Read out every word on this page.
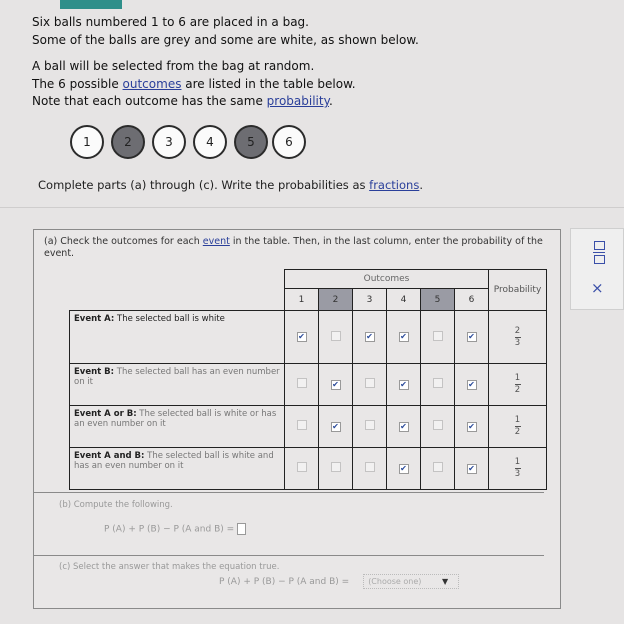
Six balls numbered 1 to 6 are placed in a bag.

Some of the balls are grey and some are white, as shown below.

A ball will be selected from the bag at random.

The 6 possible outcomes are listed in the table below.

Note that each outcome has the same probability.

1	2	3	4	5	6
Complete parts (a) through (c). Write the probabilities as fractions.
×
(a) Check the outcomes for each event in the table. Then, in the last column, enter the probability of the event.
	Outcomes						Probability
	1	2	3	4	5	6	
Event A: The selected ball is white	✔		✔	✔		✔	$\frac{2}{3}$
Event B: The selected ball has an even number on it		✔		✔		✔	$\frac{1}{2}$
Event A or B: The selected ball is white or has an even number on it		✔		✔		✔	$\frac{1}{2}$
Event A and B: The selected ball is white and has an even number on it				✔		✔	$\frac{1}{3}$
(b) Compute the following.
P (A) + P (B) − P (A and B) =
(c) Select the answer that makes the equation true.
P (A) + P (B) − P (A and B) = (Choose one)	▼
